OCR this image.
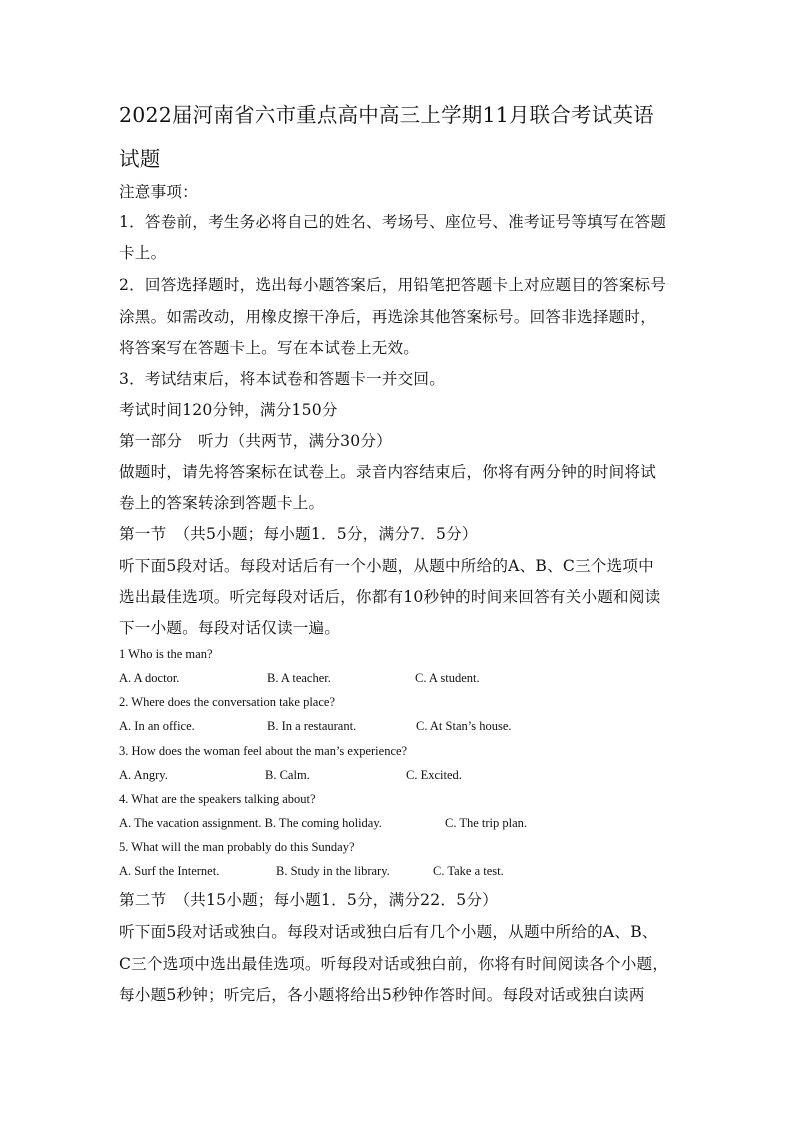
2022届河南省六市重点高中高三上学期11月联合考试英语
试题
注意事项：
1．答卷前，考生务必将自己的姓名、考场号、座位号、准考证号等填写在答题
卡上。
2．回答选择题时，选出每小题答案后，用铅笔把答题卡上对应题目的答案标号
涂黑。如需改动，用橡皮擦干净后，再选涂其他答案标号。回答非选择题时，
将答案写在答题卡上。写在本试卷上无效。
3．考试结束后，将本试卷和答题卡一并交回。
考试时间120分钟，满分150分
第一部分　听力（共两节，满分30分）
做题时，请先将答案标在试卷上。录音内容结束后，你将有两分钟的时间将试
卷上的答案转涂到答题卡上。
第一节　（共5小题；每小题1．5分，满分7．5分）
听下面5段对话。每段对话后有一个小题，从题中所给的A、B、C三个选项中
选出最佳选项。听完每段对话后，你都有10秒钟的时间来回答有关小题和阅读
下一小题。每段对话仅读一遍。
1 Who is the man?
A. A doctor.	B. A teacher.	C. A student.
2. Where does the conversation take place?
A. In an office.	B. In a restaurant.	C. At Stan’s house.
3. How does the woman feel about the man’s experience?
A. Angry.	B. Calm.	C. Excited.
4. What are the speakers talking about?
A. The vacation assignment. B. The coming holiday.	C. The trip plan.
5. What will the man probably do this Sunday?
A. Surf the Internet.	B. Study in the library.	C. Take a test.
第二节　（共15小题；每小题1．5分，满分22．5分）
听下面5段对话或独白。每段对话或独白后有几个小题，从题中所给的A、B、
C三个选项中选出最佳选项。听每段对话或独白前，你将有时间阅读各个小题，
每小题5秒钟；听完后，各小题将给出5秒钟作答时间。每段对话或独白读两
